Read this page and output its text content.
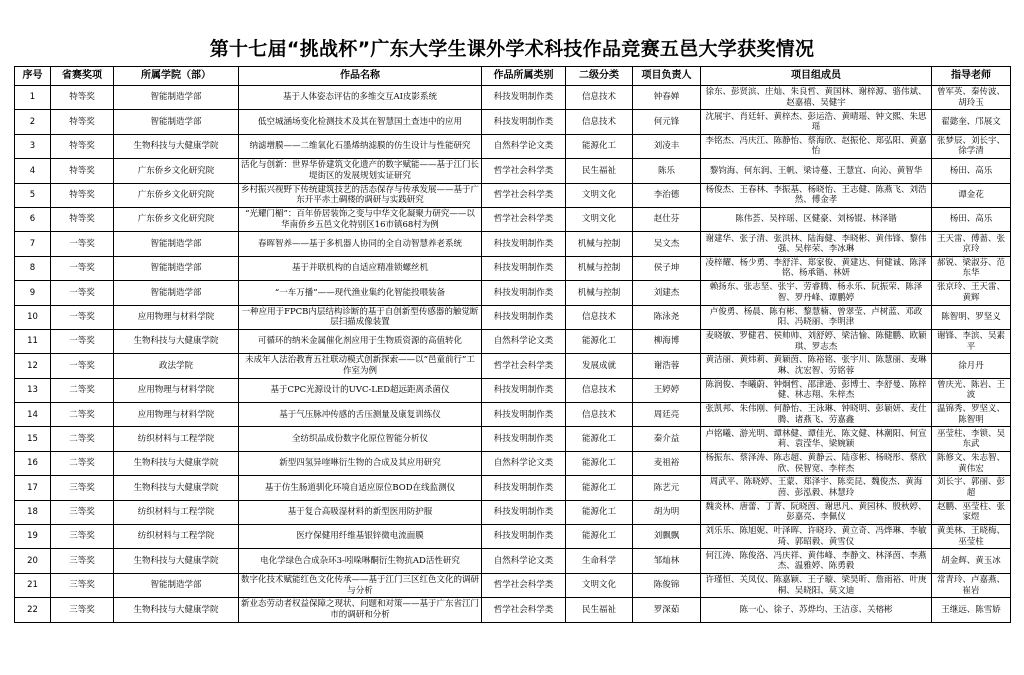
第十七届“挑战杯”广东大学生课外学术科技作品竞赛五邑大学获奖情况
序号	省赛奖项	所属学院（部）	作品名称	作品所属类别	二级分类	项目负责人	项目组成员	指导老师
1	特等奖	智能制造学部	基于人体姿态评估的多维交互AI皮影系统	科技发明制作类	信息技术	钟春婵	徐东、彭贤滨、庄灿、朱良哲、黄国林、谢梓源、骆伟斌、赵嘉禧、吴健宇	曾军英、秦传波、胡玲玉
2	特等奖	智能制造学部	低空城涵场变化检测技术及其在智慧国土查违中的应用	科技发明制作类	信息技术	何元锋	沈展宇、肖廷轩、黄梓杰、彭运浩、黄晴瑶、钟文熙、朱思瑶	翟懿奎、邝展文
3	特等奖	生物科技与大健康学院	纳滤增膜——二维氧化石墨烯纳滤膜的仿生设计与性能研究	自然科学论文类	能源化工	刘凌丰	李铭杰、冯庆江、陈静怡、蔡海欣、赵振伦、郑弘阳、黄嘉怡	张梦辰、刘长宇、徐学清
4	特等奖	广东侨乡文化研究院	活化与创新：世界华侨建筑文化遗产的数字赋能——基于江门长堤街区的发展规划实证研究	哲学社会科学类	民生福祉	陈乐	黎钧海、何东润、王帆、梁诗蔓、王慧宜、向沁、黄智华	杨田、高乐
5	特等奖	广东侨乡文化研究院	乡村振兴视野下传统建筑技艺的活态保存与传承发展——基于广东开平赤土碉楼的调研与实践研究	哲学社会科学类	文明文化	李治德	杨俊杰、王春林、李振基、杨晓怡、王志健、陈燕飞、刘浩然、傅金孝	谭金花
6	特等奖	广东侨乡文化研究院	“光耀门楣”：百年侨居装饰之变与中华文化凝聚力研究——以华南侨乡五邑文化特别区16市镇68村为例	哲学社会科学类	文明文化	赵仕芬	陈伟荟、吴梓瑶、区健豪、刘杨锟、林泽锴	杨田、高乐
7	一等奖	智能制造学部	春晖智养——基于多机器人协同的全自动智慧养老系统	科技发明制作类	机械与控制	吴文杰	谢建华、张子清、张洪林、陆海健、李晓彬、黄伟锋、黎伟强、吴梓荣、李冰琳	王天雷、傅蔷、张京玲
8	一等奖	智能制造学部	基于并联机构的自适应精准锁螺丝机	科技发明制作类	机械与控制	侯子坤	凌梓耀、杨少勇、李舒洋、郑家俊、黄建达、何健诚、陈泽铭、杨承锴、林妍	郝锐、梁淑芬、范东华
9	一等奖	智能制造学部	“一车万播”——现代渔业集约化智能投喂装备	科技发明制作类	机械与控制	刘建杰	赖扬东、张志坚、张宇、劳睿腾、杨永乐、阮振荣、陈泽智、罗丹峰、谭鹏婷	张京玲、王天雷、黄辉
10	一等奖	应用物理与材料学院	一种应用于FPCB内层结构诊断的基于自创新型传感器的触觉断层扫描成像装置	科技发明制作类	信息技术	陈泳尧	卢俊勇、杨晨、陈有彬、黎慧楠、曾翠莹、卢树蓝、邓政阳、冯晓丽、李明津	陈智明、罗坚义
11	一等奖	生物科技与大健康学院	可循环的纳米金属催化剂应用于生物质资源的高值转化	自然科学论文类	能源化工	柳海博	麦晓敏、罗健君、侯帅帅、刘舒婷、梁洁愉、陈健鹏、欧颖琪、罗志杰	谢锋、李滨、吴素平
12	一等奖	政法学院	未成年人法治教育五社联动模式创新探索——以“邑童前行”工作室为例	哲学社会科学类	发展成就	谢浩蓉	黄洁丽、黄炜莉、黄颖茵、陈裕铭、张宇川、陈慧丽、麦琳琳、沈宏智、劳铭蓉	徐月丹
13	二等奖	应用物理与材料学院	基于CPC光源设计的UVC-LED超远距离杀菌仪	科技发明制作类	信息技术	王婷婷	陈润俊、李曦蔚、钟炯哲、邵津逊、彭博士、李舒曼、陈梓健、林志翔、朱梓杰	曾庆光、陈岩、王波
14	二等奖	应用物理与材料学院	基于气压脉冲传感的舌压测量及康复训练仪	科技发明制作类	信息技术	周廷亮	张凯邦、朱伟刚、何静怡、王泳琳、钟晓明、彭颖妍、麦仕腾、诸燕飞、劳嘉鑫	温锦秀、罗坚义、陈智明
15	二等奖	纺织材料与工程学院	全纺织品成份数字化原位智能分析仪	科技发明制作类	能源化工	秦介益	卢铭曦、游光明、谭林健、谭佳光、陈文健、林潮阳、何宣莉、袁滢华、梁婉颖	巫莹柱、李锁、吴东武
16	二等奖	生物科技与大健康学院	新型四氢异喹啉衍生物的合成及其应用研究	自然科学论文类	能源化工	麦祖裕	杨振东、蔡泽涛、陈志超、黄静云、陆彦彬、杨晓彤、蔡欣欣、侯智宽、李梓杰	陈修文、朱志智、黄伟宏
17	三等奖	生物科技与大健康学院	基于仿生肠道驯化环境自适应原位BOD在线监测仪	科技发明制作类	能源化工	陈艺元	周武平、陈晓婷、王蒙、郑泽宇、陈奕昆、魏俊杰、黄海茵、彭泓毅、林慧玲	刘长宇、郭丽、彭超
18	三等奖	纺织材料与工程学院	基于复合高吸湿材料的新型医用防护服	科技发明制作类	能源化工	胡为明	魏炎林、唐蕾、丁菁、阮晓茵、谢思凡、黄园林、殷秋婷、彭嘉亮、李佩仪	赵鹏、巫莹柱、张家煜
19	三等奖	纺织材料与工程学院	医疗保健用纤维基银锌微电流面膜	科技发明制作类	能源化工	刘飘飘	刘乐乐、陈旭妮、叶泽晖、许晓玲、黄立奇、冯烨琳、李敏琦、郭昭毅、黄雪仪	黄美林、王晓梅、巫莹柱
20	三等奖	生物科技与大健康学院	电化学绿色合成杂环3-吲哚啉酮衍生物抗AD活性研究	自然科学论文类	生命科学	邹灿林	何江涛、陈俊洛、冯庆祥、黄伟峰、李静文、林泽茵、李燕杰、温雅婷、陈勇毅	胡金辉、黄玉冰
21	三等奖	智能制造学部	数字化技术赋能红色文化传承——基于江门三区红色文化的调研与分析	哲学社会科学类	文明文化	陈俊锦	许瑾恒、关凤仪、陈嘉颖、王子璇、梁昊昕、詹雨裕、叶庚桐、吴晓阳、莫文迪	常青玲、卢嘉燕、崔岩
22	三等奖	生物科技与大健康学院	新业态劳动者权益保障之现状、问题和对策——基于广东省江门市的调研和分析	哲学社会科学类	民生福祉	罗深茹	陈一心、徐子、苏烨均、王洁彦、关榕彬	王继远、陈雪娇
